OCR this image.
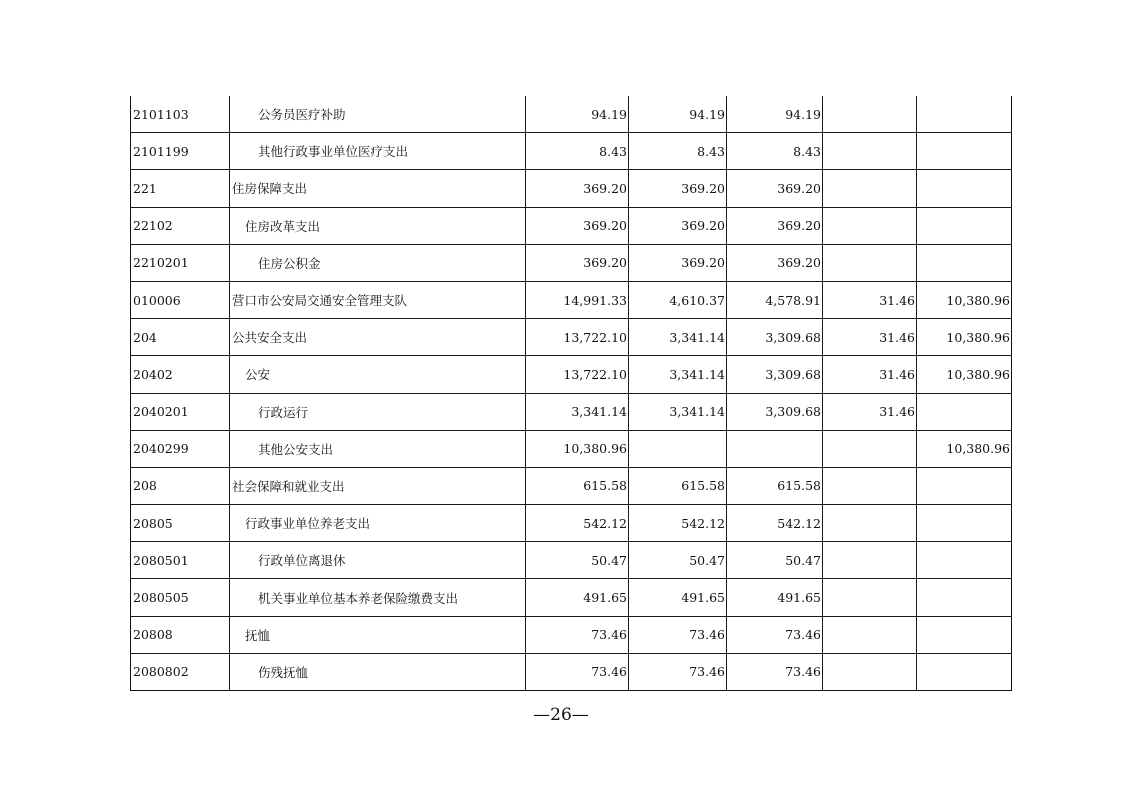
2101103	公务员医疗补助	94.19	94.19	94.19		
2101199	其他行政事业单位医疗支出	8.43	8.43	8.43		
221	住房保障支出	369.20	369.20	369.20		
22102	住房改革支出	369.20	369.20	369.20		
2210201	住房公积金	369.20	369.20	369.20		
010006	营口市公安局交通安全管理支队	14,991.33	4,610.37	4,578.91	31.46	10,380.96
204	公共安全支出	13,722.10	3,341.14	3,309.68	31.46	10,380.96
20402	公安	13,722.10	3,341.14	3,309.68	31.46	10,380.96
2040201	行政运行	3,341.14	3,341.14	3,309.68	31.46	
2040299	其他公安支出	10,380.96				10,380.96
208	社会保障和就业支出	615.58	615.58	615.58		
20805	行政事业单位养老支出	542.12	542.12	542.12		
2080501	行政单位离退休	50.47	50.47	50.47		
2080505	机关事业单位基本养老保险缴费支出	491.65	491.65	491.65		
20808	抚恤	73.46	73.46	73.46		
2080802	伤残抚恤	73.46	73.46	73.46		
—26—
